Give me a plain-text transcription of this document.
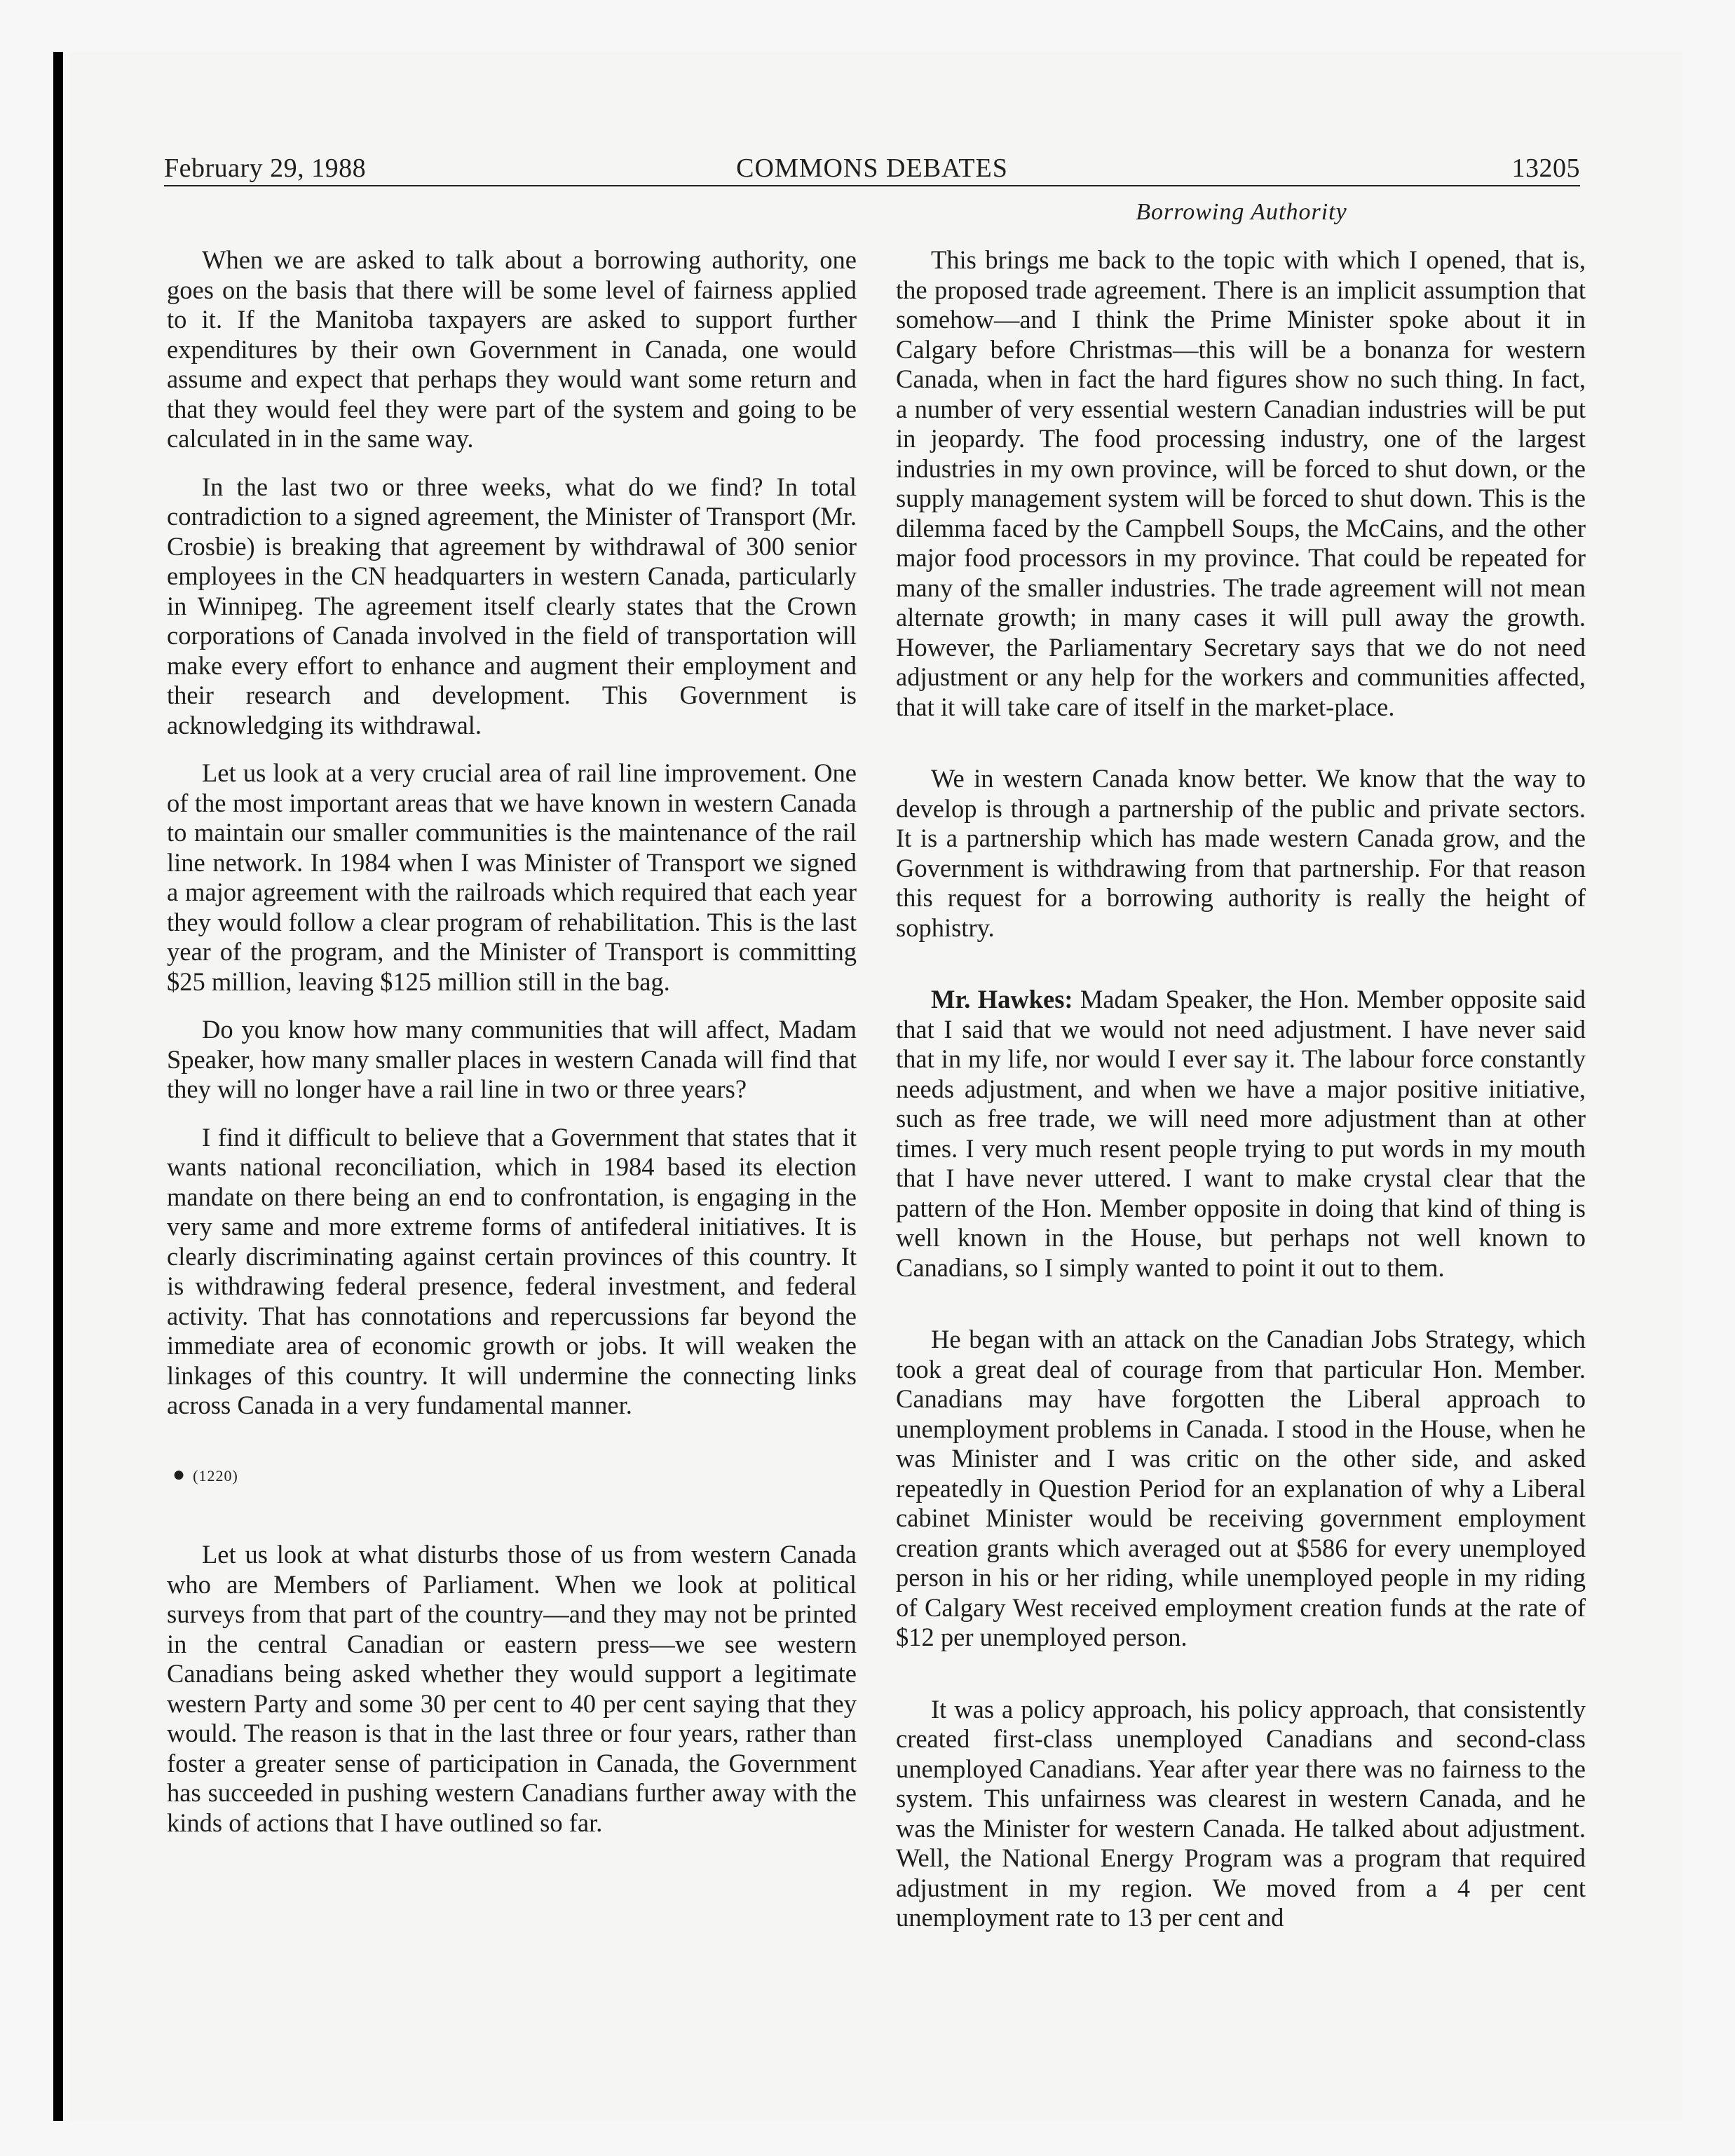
February 29, 1988	COMMONS DEBATES	13205
Borrowing Authority

When we are asked to talk about a borrowing authority, one goes on the basis that there will be some level of fairness applied to it. If the Manitoba taxpayers are asked to support further expenditures by their own Government in Canada, one would assume and expect that perhaps they would want some return and that they would feel they were part of the system and going to be calculated in in the same way.

In the last two or three weeks, what do we find? In total contradiction to a signed agreement, the Minister of Transport (Mr. Crosbie) is breaking that agreement by withdrawal of 300 senior employees in the CN headquarters in western Canada, particularly in Winnipeg. The agreement itself clearly states that the Crown corporations of Canada involved in the field of transportation will make every effort to enhance and augment their employment and their research and development. This Government is acknowledging its withdrawal.

Let us look at a very crucial area of rail line improvement. One of the most important areas that we have known in western Canada to maintain our smaller communities is the maintenance of the rail line network. In 1984 when I was Minister of Transport we signed a major agreement with the railroads which required that each year they would follow a clear program of rehabilitation. This is the last year of the program, and the Minister of Transport is committing $25 million, leaving $125 million still in the bag.

Do you know how many communities that will affect, Madam Speaker, how many smaller places in western Canada will find that they will no longer have a rail line in two or three years?

I find it difficult to believe that a Government that states that it wants national reconciliation, which in 1984 based its election mandate on there being an end to confrontation, is engaging in the very same and more extreme forms of antifederal initiatives. It is clearly discriminating against certain provinces of this country. It is withdrawing federal presence, federal investment, and federal activity. That has connotations and repercussions far beyond the immediate area of economic growth or jobs. It will weaken the linkages of this country. It will undermine the connecting links across Canada in a very fundamental manner.

● (1220)

Let us look at what disturbs those of us from western Canada who are Members of Parliament. When we look at political surveys from that part of the country—and they may not be printed in the central Canadian or eastern press—we see western Canadians being asked whether they would support a legitimate western Party and some 30 per cent to 40 per cent saying that they would. The reason is that in the last three or four years, rather than foster a greater sense of participation in Canada, the Government has succeeded in pushing western Canadians further away with the kinds of actions that I have outlined so far.

This brings me back to the topic with which I opened, that is, the proposed trade agreement. There is an implicit assumption that somehow—and I think the Prime Minister spoke about it in Calgary before Christmas—this will be a bonanza for western Canada, when in fact the hard figures show no such thing. In fact, a number of very essential western Canadian industries will be put in jeopardy. The food processing industry, one of the largest industries in my own province, will be forced to shut down, or the supply management system will be forced to shut down. This is the dilemma faced by the Campbell Soups, the McCains, and the other major food processors in my province. That could be repeated for many of the smaller industries. The trade agreement will not mean alternate growth; in many cases it will pull away the growth. However, the Parliamentary Secretary says that we do not need adjustment or any help for the workers and communities affected, that it will take care of itself in the market-place.

We in western Canada know better. We know that the way to develop is through a partnership of the public and private sectors. It is a partnership which has made western Canada grow, and the Government is withdrawing from that partnership. For that reason this request for a borrowing authority is really the height of sophistry.

Mr. Hawkes: Madam Speaker, the Hon. Member opposite said that I said that we would not need adjustment. I have never said that in my life, nor would I ever say it. The labour force constantly needs adjustment, and when we have a major positive initiative, such as free trade, we will need more adjustment than at other times. I very much resent people trying to put words in my mouth that I have never uttered. I want to make crystal clear that the pattern of the Hon. Member opposite in doing that kind of thing is well known in the House, but perhaps not well known to Canadians, so I simply wanted to point it out to them.

He began with an attack on the Canadian Jobs Strategy, which took a great deal of courage from that particular Hon. Member. Canadians may have forgotten the Liberal approach to unemployment problems in Canada. I stood in the House, when he was Minister and I was critic on the other side, and asked repeatedly in Question Period for an explanation of why a Liberal cabinet Minister would be receiving government employment creation grants which averaged out at $586 for every unemployed person in his or her riding, while unemployed people in my riding of Calgary West received employment creation funds at the rate of $12 per unemployed person.

It was a policy approach, his policy approach, that consistently created first-class unemployed Canadians and second-class unemployed Canadians. Year after year there was no fairness to the system. This unfairness was clearest in western Canada, and he was the Minister for western Canada. He talked about adjustment. Well, the National Energy Program was a program that required adjustment in my region. We moved from a 4 per cent unemployment rate to 13 per cent and
